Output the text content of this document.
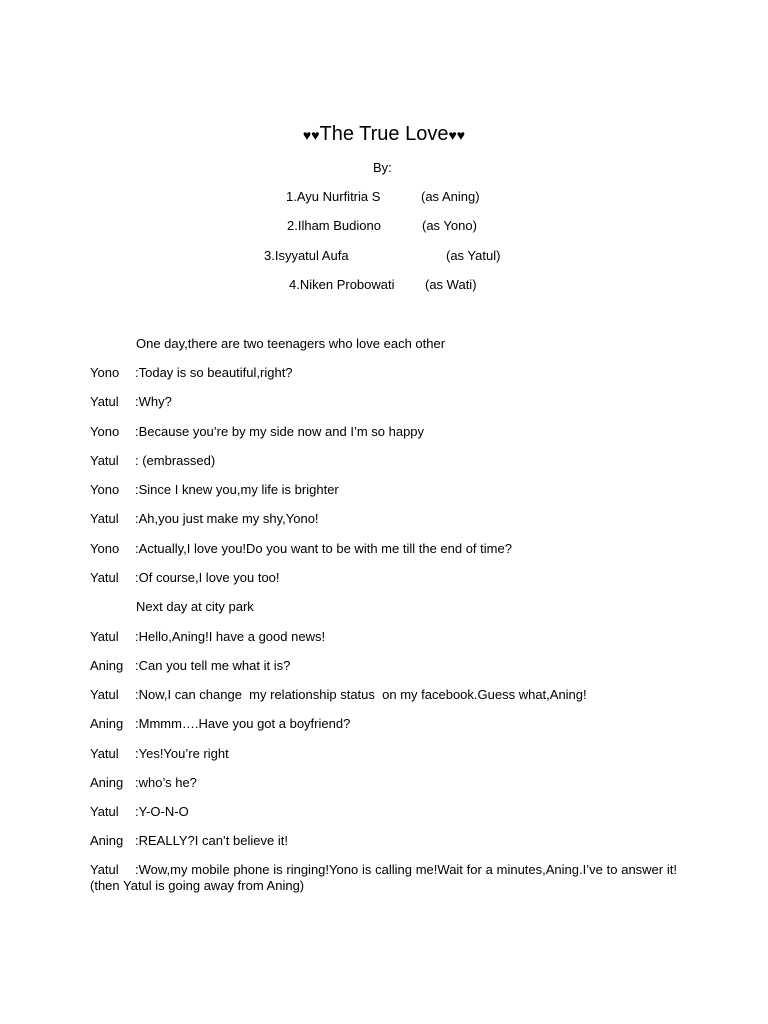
♥♥The True Love♥♥
By:
1.Ayu Nurfitria S	(as Aning)
2.Ilham Budiono	(as Yono)
3.Isyyatul Aufa	(as Yatul)
4.Niken Probowati (as Wati)
One day,there are two teenagers who love each other
Yono :Today is so beautiful,right?
Yatul :Why?
Yono :Because you’re by my side now and I’m so happy
Yatul : (embrassed)
Yono :Since I knew you,my life is brighter
Yatul :Ah,you just make my shy,Yono!
Yono :Actually,I love you!Do you want to be with me till the end of time?
Yatul :Of course,I love you too!
Next day at city park
Yatul :Hello,Aning!I have a good news!
Aning :Can you tell me what it is?
Yatul :Now,I can change  my relationship status  on my facebook.Guess what,Aning!
Aning :Mmmm….Have you got a boyfriend?
Yatul :Yes!You’re right
Aning :who’s he?
Yatul :Y-O-N-O
Aning :REALLY?I can’t believe it!
Yatul :Wow,my mobile phone is ringing!Yono is calling me!Wait for a minutes,Aning.I’ve to answer it!(then Yatul is going away from Aning)
